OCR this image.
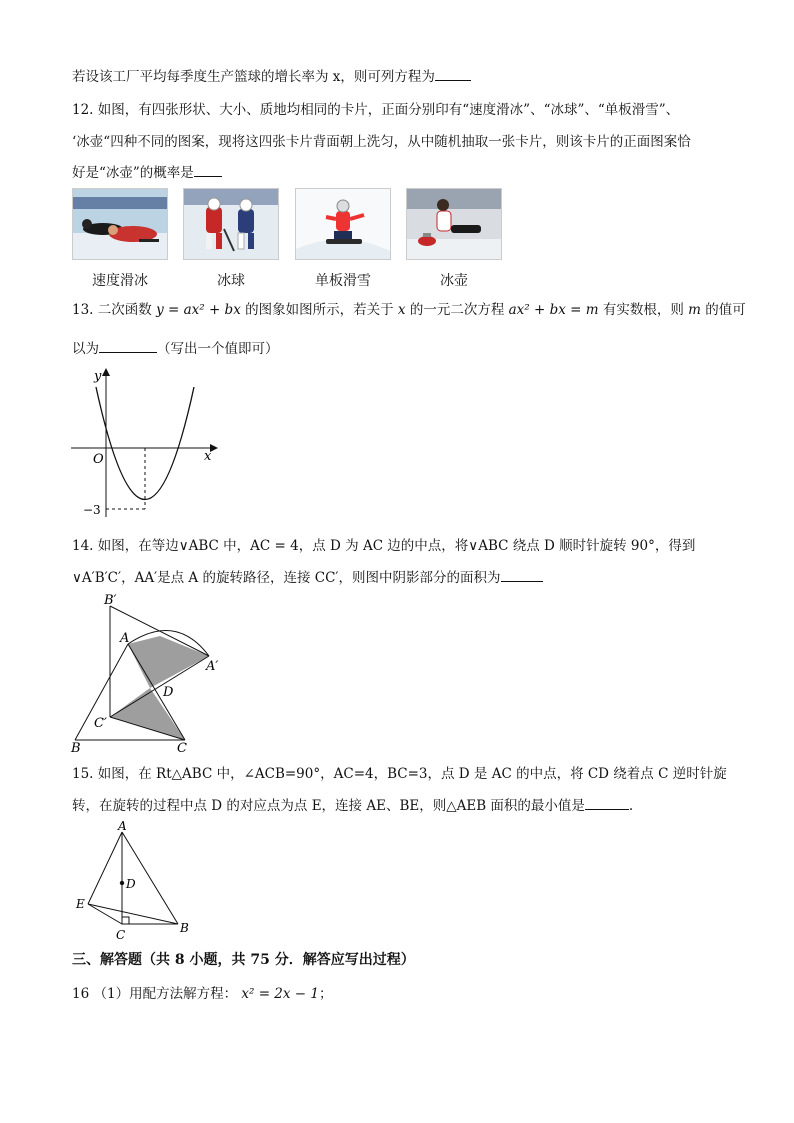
若设该工厂平均每季度生产篮球的增长率为 x，则可列方程为
12. 如图，有四张形状、大小、质地均相同的卡片，正面分别印有“速度滑冰”、“冰球”、“单板滑雪”、
‘冰壶“四种不同的图案，现将这四张卡片背面朝上洗匀，从中随机抽取一张卡片，则该卡片的正面图案恰
好是“冰壶”的概率是
速度滑冰	冰球	单板滑雪	冰壶
13. 二次函数 y = ax² + bx 的图象如图所示，若关于 x 的一元二次方程 ax² + bx = m 有实数根，则 m 的值可
以为	（写出一个值即可）
y
x
O
−3
14. 如图，在等边∨ABC 中，AC = 4，点 D 为 AC 边的中点，将∨ABC 绕点 D 顺时针旋转 90°，得到
∨A′B′C′，AA′是点 A 的旋转路径，连接 CC′，则图中阴影部分的面积为
B′
A
A′
D
C′
B	C
15. 如图，在 Rt△ABC 中，∠ACB=90°，AC=4，BC=3，点 D 是 AC 的中点，将 CD 绕着点 C 逆时针旋
转，在旋转的过程中点 D 的对应点为点 E，连接 AE、BE，则△AEB 面积的最小值是	.
A
D
E
B
C
三、解答题（共 8 小题，共 75 分．解答应写出过程）
16 （1）用配方法解方程： x² = 2x − 1；
